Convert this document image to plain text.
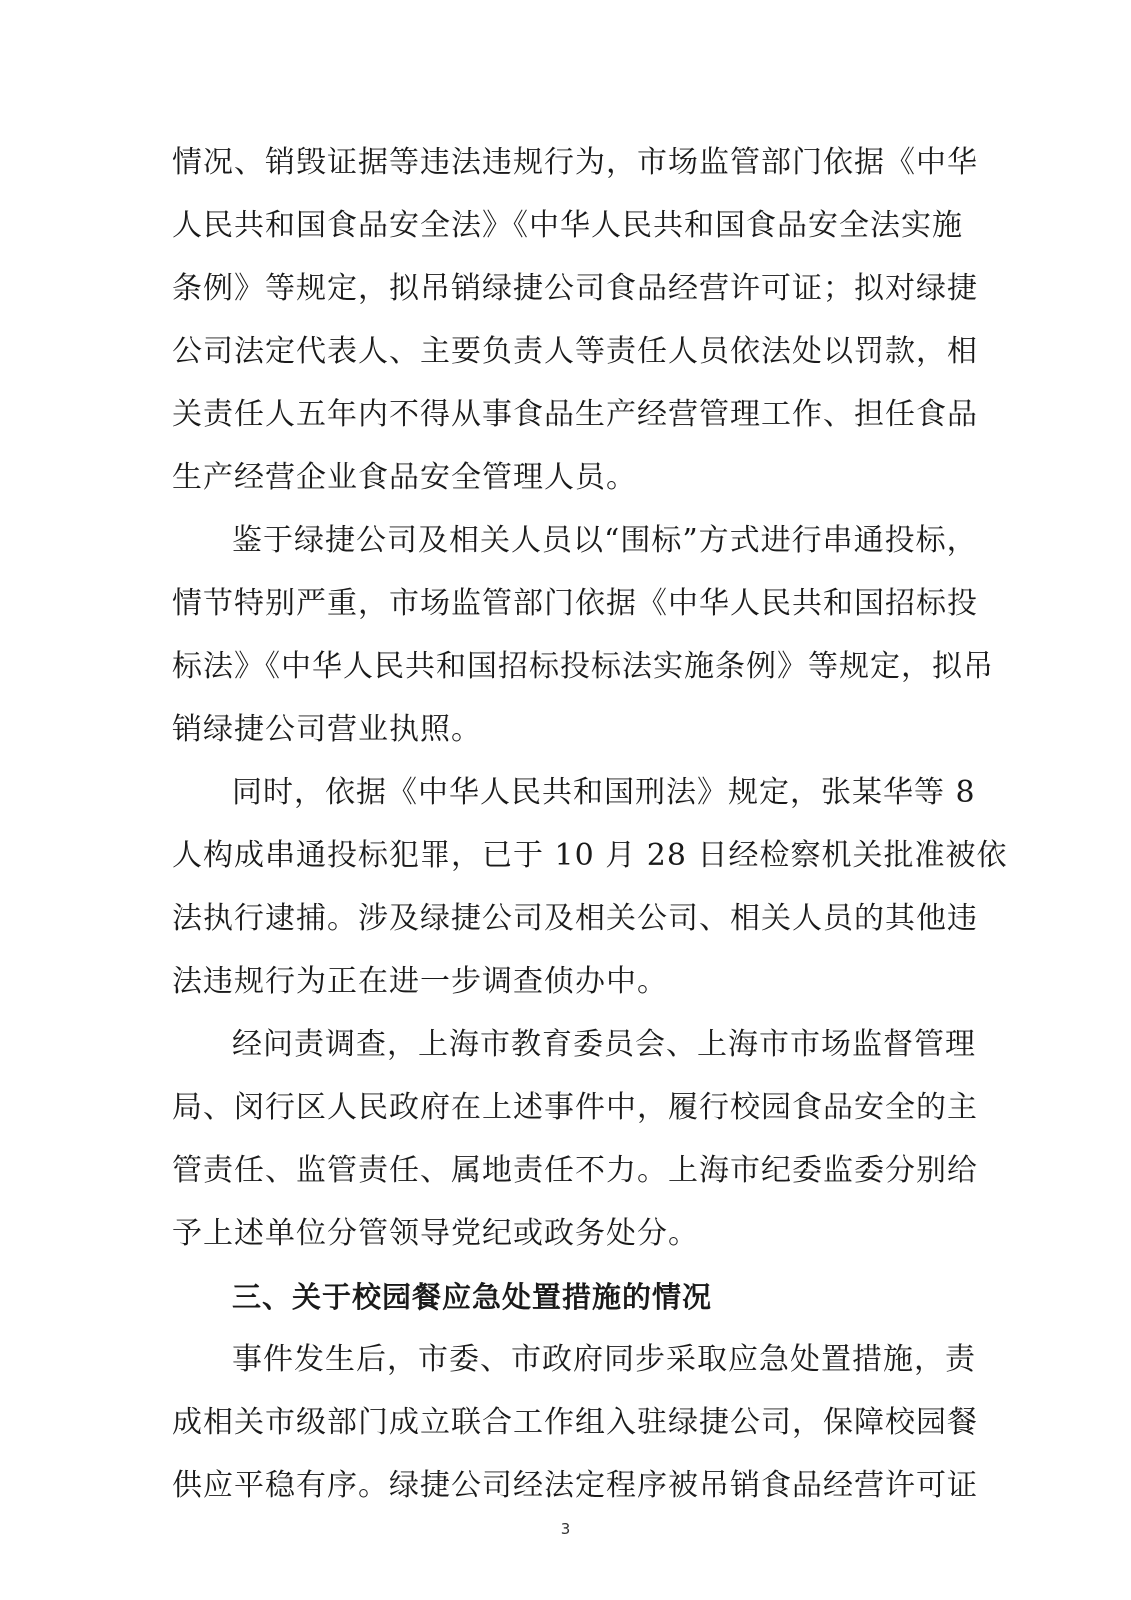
情况、销毁证据等违法违规行为，市场监管部门依据《中华
人民共和国食品安全法》《中华人民共和国食品安全法实施
条例》等规定，拟吊销绿捷公司食品经营许可证；拟对绿捷
公司法定代表人、主要负责人等责任人员依法处以罚款，相
关责任人五年内不得从事食品生产经营管理工作、担任食品
生产经营企业食品安全管理人员。
鉴于绿捷公司及相关人员以“围标”方式进行串通投标，
情节特别严重，市场监管部门依据《中华人民共和国招标投
标法》《中华人民共和国招标投标法实施条例》等规定，拟吊
销绿捷公司营业执照。
同时，依据《中华人民共和国刑法》规定，张某华等 8
人构成串通投标犯罪，已于 10 月 28 日经检察机关批准被依
法执行逮捕。涉及绿捷公司及相关公司、相关人员的其他违
法违规行为正在进一步调查侦办中。
经问责调查，上海市教育委员会、上海市市场监督管理
局、闵行区人民政府在上述事件中，履行校园食品安全的主
管责任、监管责任、属地责任不力。上海市纪委监委分别给
予上述单位分管领导党纪或政务处分。
三、关于校园餐应急处置措施的情况
事件发生后，市委、市政府同步采取应急处置措施，责
成相关市级部门成立联合工作组入驻绿捷公司，保障校园餐
供应平稳有序。绿捷公司经法定程序被吊销食品经营许可证
3
